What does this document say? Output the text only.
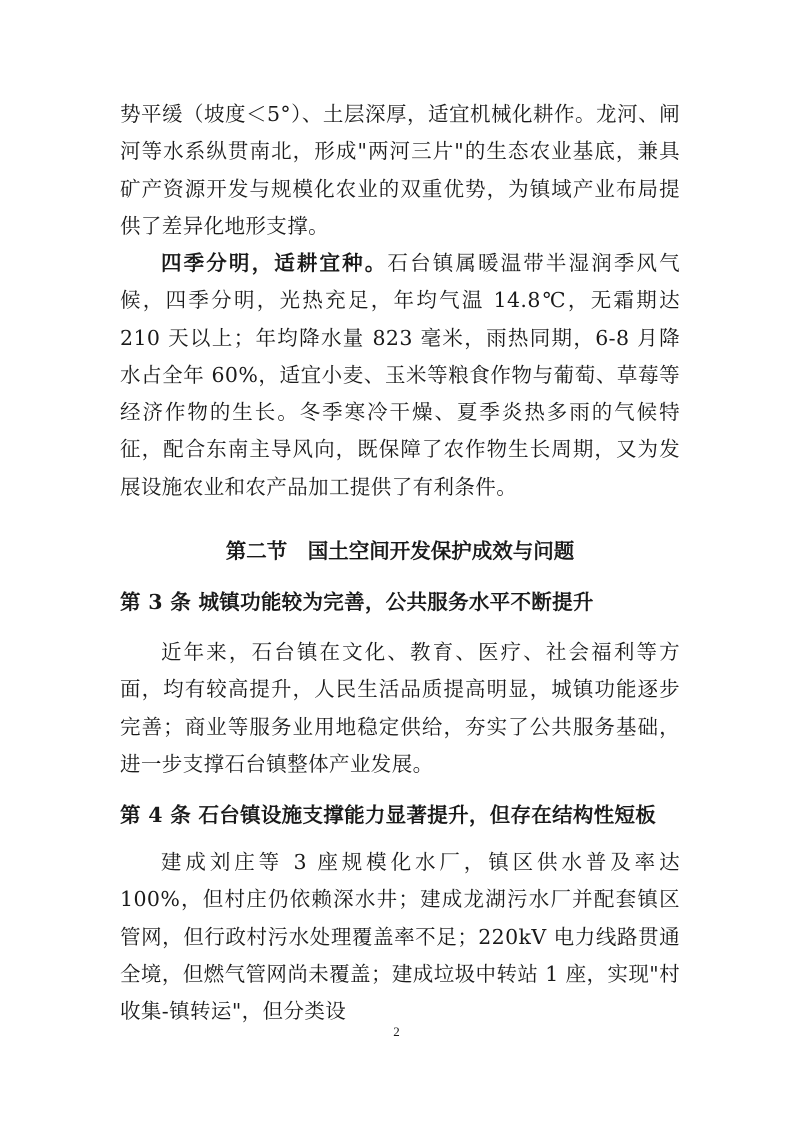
势平缓（坡度＜5°）、土层深厚，适宜机械化耕作。龙河、闸河等水系纵贯南北，形成"两河三片"的生态农业基底，兼具矿产资源开发与规模化农业的双重优势，为镇域产业布局提供了差异化地形支撑。

四季分明，适耕宜种。石台镇属暖温带半湿润季风气候，四季分明，光热充足，年均气温 14.8℃，无霜期达 210 天以上；年均降水量 823 毫米，雨热同期，6-8 月降水占全年 60%，适宜小麦、玉米等粮食作物与葡萄、草莓等经济作物的生长。冬季寒冷干燥、夏季炎热多雨的气候特征，配合东南主导风向，既保障了农作物生长周期，又为发展设施农业和农产品加工提供了有利条件。

第二节　国土空间开发保护成效与问题
第 3 条 城镇功能较为完善，公共服务水平不断提升

近年来，石台镇在文化、教育、医疗、社会福利等方面，均有较高提升，人民生活品质提高明显，城镇功能逐步完善；商业等服务业用地稳定供给，夯实了公共服务基础，进一步支撑石台镇整体产业发展。

第 4 条 石台镇设施支撑能力显著提升，但存在结构性短板

建成刘庄等 3 座规模化水厂，镇区供水普及率达 100%，但村庄仍依赖深水井；建成龙湖污水厂并配套镇区管网，但行政村污水处理覆盖率不足；220kV 电力线路贯通全境，但燃气管网尚未覆盖；建成垃圾中转站 1 座，实现"村收集-镇转运"，但分类设

2
